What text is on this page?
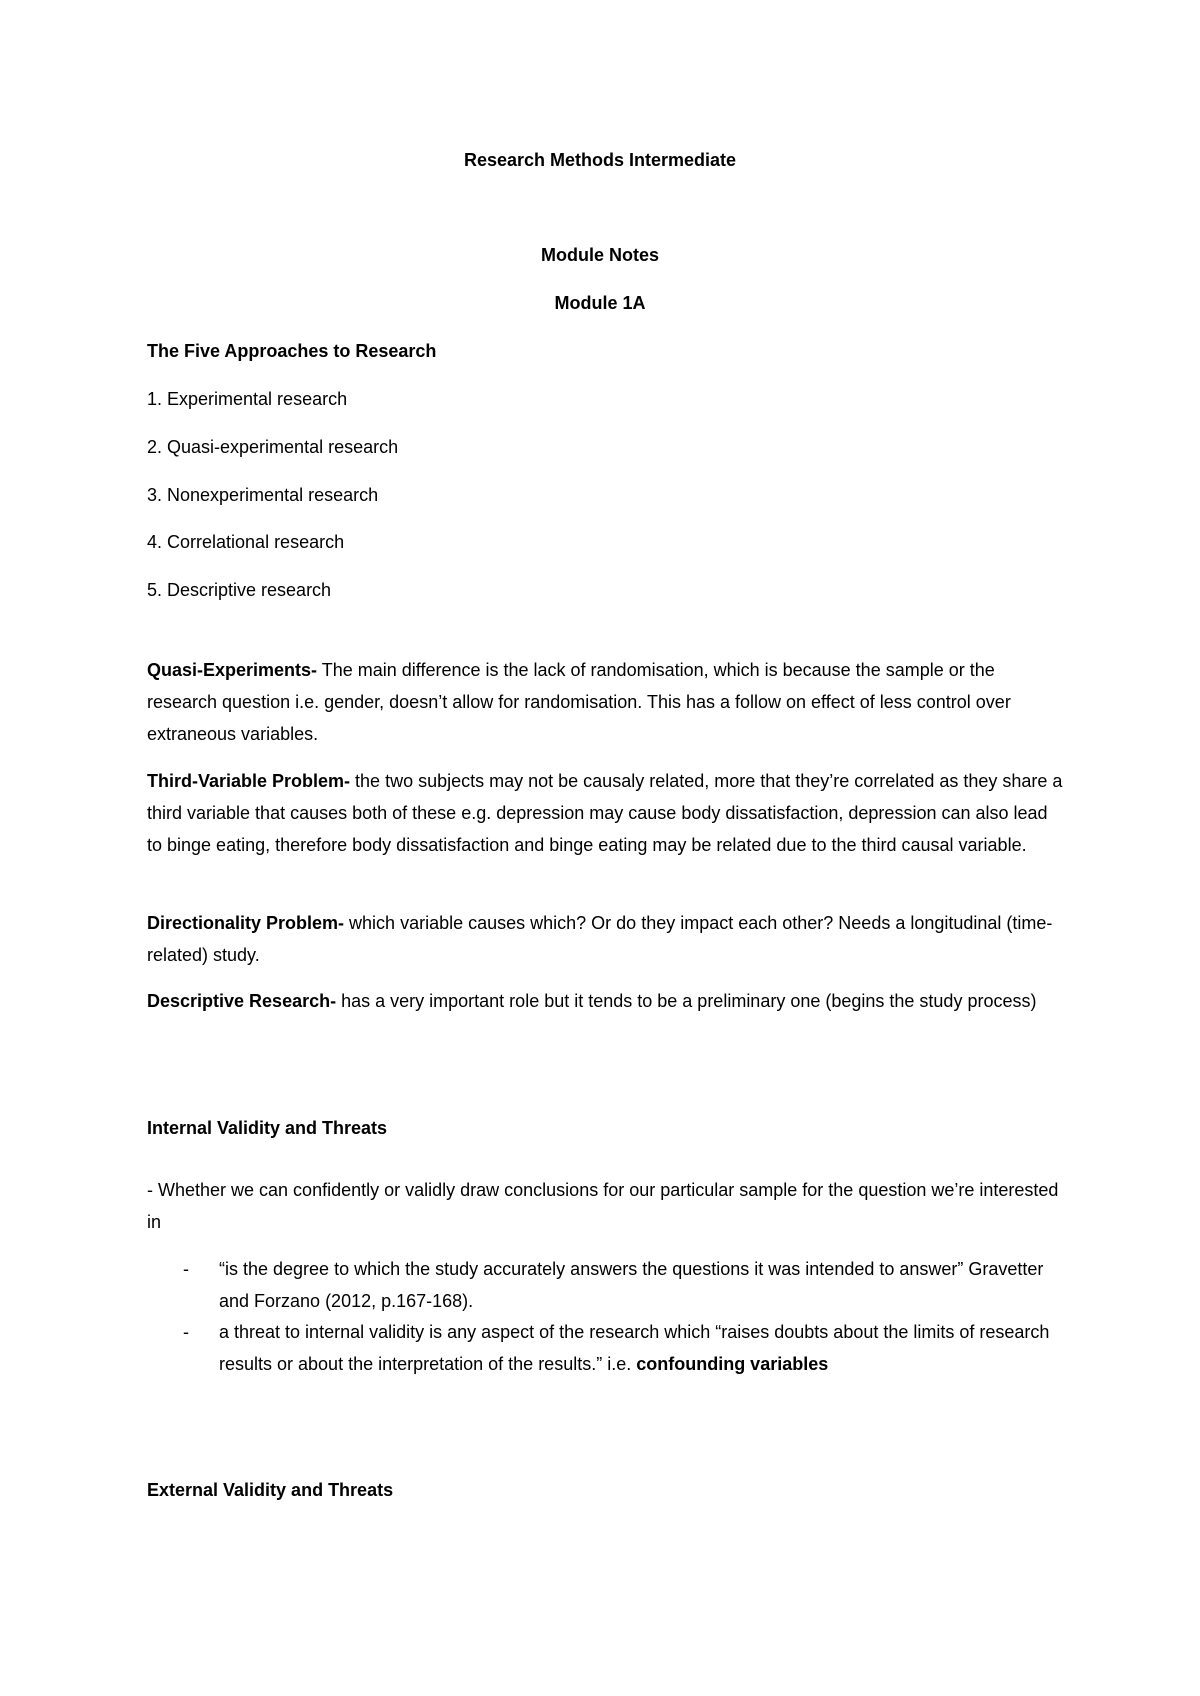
Research Methods Intermediate
Module Notes
Module 1A
The Five Approaches to Research
1. Experimental research
2. Quasi-experimental research
3. Nonexperimental research
4. Correlational research
5. Descriptive research

Quasi-Experiments- The main difference is the lack of randomisation, which is because the sample or the research question i.e. gender, doesn’t allow for randomisation. This has a follow on effect of less control over extraneous variables.

Third-Variable Problem- the two subjects may not be causaly related, more that they’re correlated as they share a third variable that causes both of these e.g. depression may cause body dissatisfaction, depression can also lead to binge eating, therefore body dissatisfaction and binge eating may be related due to the third causal variable.

Directionality Problem- which variable causes which? Or do they impact each other? Needs a longitudinal (time-related) study.

Descriptive Research- has a very important role but it tends to be a preliminary one (begins the study process)

Internal Validity and Threats

- Whether we can confidently or validly draw conclusions for our particular sample for the question we’re interested in

-	“is the degree to which the study accurately answers the questions it was intended to answer” Gravetter and Forzano (2012, p.167-168).

-	a threat to internal validity is any aspect of the research which “raises doubts about the limits of research results or about the interpretation of the results.” i.e. confounding variables

External Validity and Threats
